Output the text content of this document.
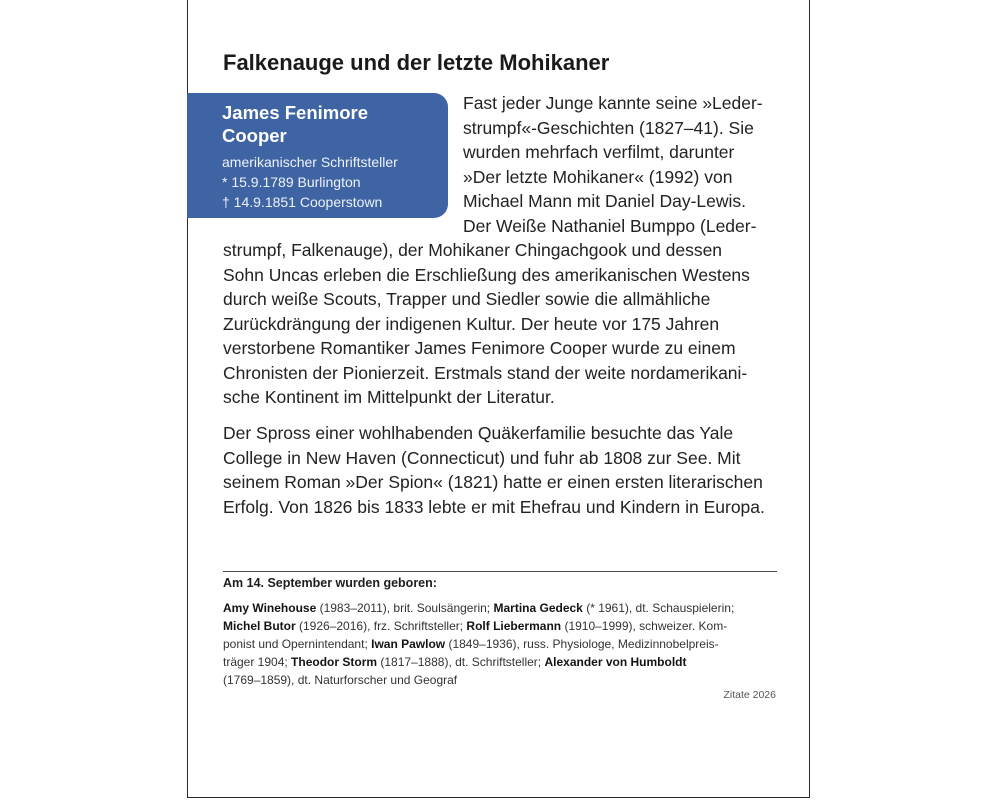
Falkenauge und der letzte Mohikaner
James Fenimore Cooper
amerikanischer Schriftsteller
* 15.9.1789 Burlington
† 14.9.1851 Cooperstown
Fast jeder Junge kannte seine »Leder-
strumpf«-Geschichten (1827–41). Sie
wurden mehrfach verfilmt, darunter
»Der letzte Mohikaner« (1992) von
Michael Mann mit Daniel Day-Lewis.
Der Weiße Nathaniel Bumppo (Leder-
strumpf, Falkenauge), der Mohikaner Chingachgook und dessen
Sohn Uncas erleben die Erschließung des amerikanischen Westens
durch weiße Scouts, Trapper und Siedler sowie die allmähliche
Zurückdrängung der indigenen Kultur. Der heute vor 175 Jahren
verstorbene Romantiker James Fenimore Cooper wurde zu einem
Chronisten der Pionierzeit. Erstmals stand der weite nordamerikani-
sche Kontinent im Mittelpunkt der Literatur.
Der Spross einer wohlhabenden Quäkerfamilie besuchte das Yale
College in New Haven (Connecticut) und fuhr ab 1808 zur See. Mit
seinem Roman »Der Spion« (1821) hatte er einen ersten literarischen
Erfolg. Von 1826 bis 1833 lebte er mit Ehefrau und Kindern in Europa.
Am 14. September wurden geboren:
Amy Winehouse (1983–2011), brit. Soulsängerin; Martina Gedeck (* 1961), dt. Schauspielerin;
Michel Butor (1926–2016), frz. Schriftsteller; Rolf Liebermann (1910–1999), schweizer. Kom-
ponist und Opernintendant; Iwan Pawlow (1849–1936), russ. Physiologe, Medizinnobelpreis-
träger 1904; Theodor Storm (1817–1888), dt. Schriftsteller; Alexander von Humboldt
(1769–1859), dt. Naturforscher und Geograf
Zitate 2026
